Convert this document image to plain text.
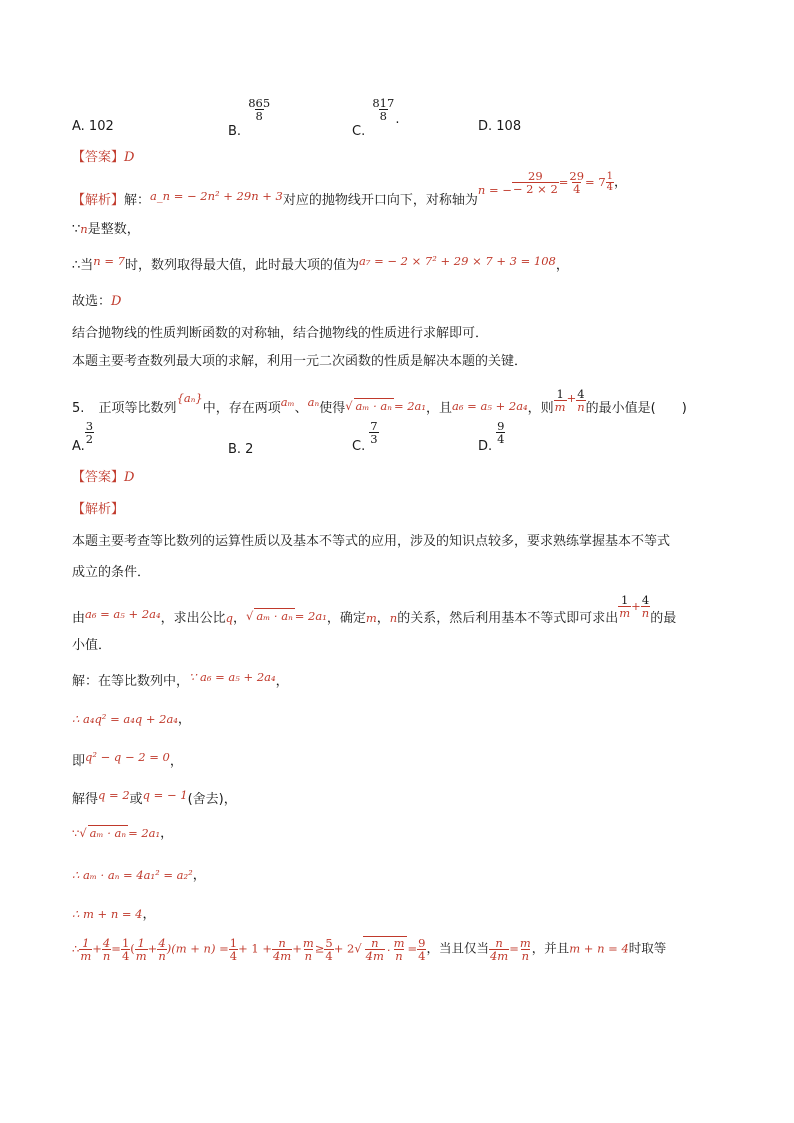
A. 102	B.
$\frac{865}{8}$
C.
$\frac{817}{8}$ .	D. 108
【答案】D
【解析】解：a_n = − 2n² + 29n + 3对应的抛物线开口向下，对称轴为n = − $\frac{29}{- 2 \times 2} = \frac{29}{4} = 7 \frac{1}{4}$ ，
∵n是整数，
∴当n = 7时，数列取得最大值，此时最大项的值为a₇ = − 2 × 7² + 29 × 7 + 3 = 108，
故选：D
结合抛物线的性质判断函数的对称轴，结合抛物线的性质进行求解即可．
本题主要考查数列最大项的求解，利用一元二次函数的性质是解决本题的关键．
5. 正项等比数列{aₙ}中，存在两项aₘ、aₙ使得√ aₘ · aₙ = 2a₁，且a₆ = a₅ + 2a₄，则 $\frac{1}{m} + \frac{4}{n}$ 的最小值是(　　)
A.
$\frac{3}{2}$
B. 2	C.
$\frac{7}{3}$
D.
$\frac{9}{4}$
【答案】D
【解析】
本题主要考查等比数列的运算性质以及基本不等式的应用，涉及的知识点较多，要求熟练掌握基本不等式
成立的条件．
由a₆ = a₅ + 2a₄，求出公比q，√ aₘ · aₙ = 2a₁，确定m，n的关系，然后利用基本不等式即可求出 $\frac{1}{m} + \frac{4}{n}$ 的最
小值．
解：在等比数列中，∵ a₆ = a₅ + 2a₄，
∴ a₄q² = a₄q + 2a₄，
即q² − q − 2 = 0，
解得q = 2或q = − 1(舍去)，
∵√ aₘ · aₙ = 2a₁，
∴ aₘ · aₙ = 4a₁² = a₂²，
∴ m + n = 4，
∴ $\frac{1}{m} + \frac{4}{n} = \frac{1}{4}$ ( $\frac{1}{m} + \frac{4}{n} )(m + n) = \frac{1}{4} + 1 + \frac{n}{4m} + \frac{m}{n} \ge \frac{5}{4} + 2√ \frac{n}{4m} \cdot \frac{m}{n} = \frac{9}{4}$ ，当且仅当 $\frac{n}{4m} = \frac{m}{n}$ ，并且m + n = 4时取等
